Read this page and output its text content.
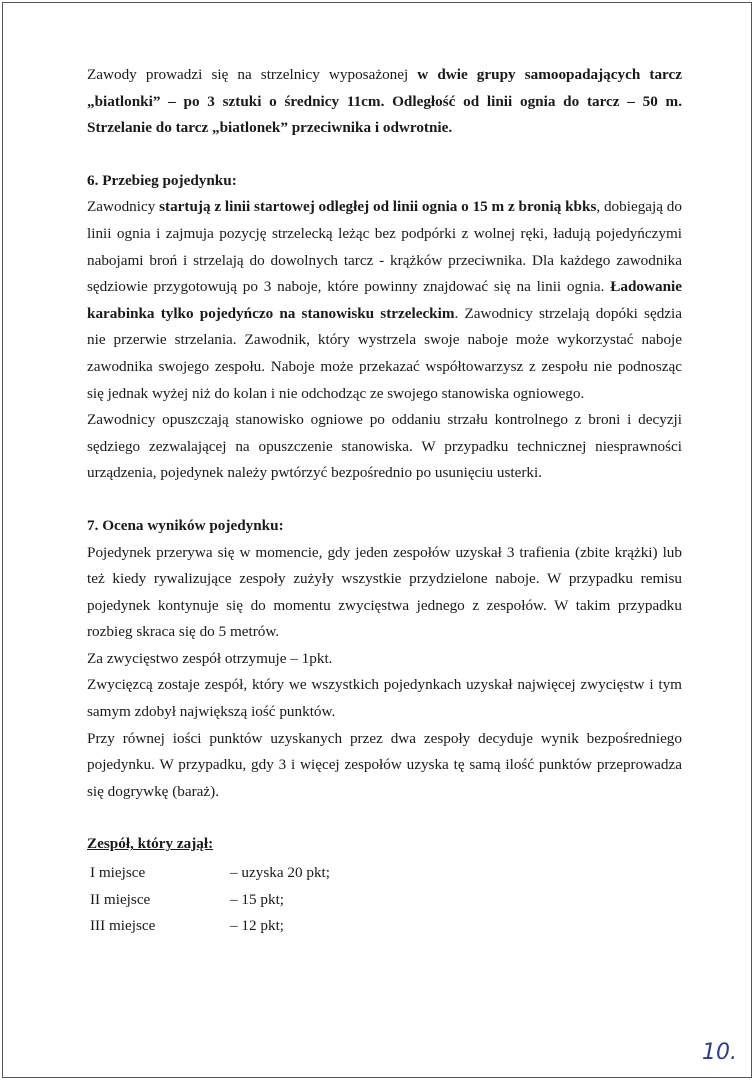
Zawody prowadzi się na strzelnicy wyposażonej w dwie grupy samoopadających tarcz „biatlonki” – po 3 sztuki o średnicy 11cm. Odległość od linii ognia do tarcz – 50 m. Strzelanie do tarcz „biatlonek” przeciwnika i odwrotnie.

6. Przebieg pojedynku:

Zawodnicy startują z linii startowej odległej od linii ognia o 15 m z bronią kbks, dobiegają do linii ognia i zajmuja pozycję strzelecką leżąc bez podpórki z wolnej ręki, ładują pojedyńczymi nabojami broń i strzelają do dowolnych tarcz - krążków przeciwnika. Dla każdego zawodnika sędziowie przygotowują po 3 naboje, które powinny znajdować się na linii ognia. Ładowanie karabinka tylko pojedyńczo na stanowisku strzeleckim. Zawodnicy strzelają dopóki sędzia nie przerwie strzelania. Zawodnik, który wystrzela swoje naboje może wykorzystać naboje zawodnika swojego zespołu. Naboje może przekazać współtowarzysz z zespołu nie podnosząc się jednak wyżej niż do kolan i nie odchodząc ze swojego stanowiska ogniowego.

Zawodnicy opuszczają stanowisko ogniowe po oddaniu strzału kontrolnego z broni i decyzji sędziego zezwalającej na opuszczenie stanowiska. W przypadku technicznej niesprawności urządzenia, pojedynek należy pwtórzyć bezpośrednio po usunięciu usterki.

7. Ocena wyników pojedynku:

Pojedynek przerywa się w momencie, gdy jeden zespołów uzyskał 3 trafienia (zbite krążki) lub też kiedy rywalizujące zespoły zużyły wszystkie przydzielone naboje. W przypadku remisu pojedynek kontynuje się do momentu zwycięstwa jednego z zespołów. W takim przypadku rozbieg skraca się do 5 metrów.

Za zwycięstwo zespół otrzymuje – 1pkt.

Zwycięzcą zostaje zespół, który we wszystkich pojedynkach uzyskał najwięcej zwycięstw i tym samym zdobył największą iość punktów.

Przy równej iości punktów uzyskanych przez dwa zespoły decyduje wynik bezpośredniego pojedynku. W przypadku, gdy 3 i więcej zespołów uzyska tę samą ilość punktów przeprowadza się dogrywkę (baraż).

Zespół, który zajął:

I miejsce	– uzyska 20 pkt;
II miejsce	– 15 pkt;
III miejsce	– 12 pkt;
10.
